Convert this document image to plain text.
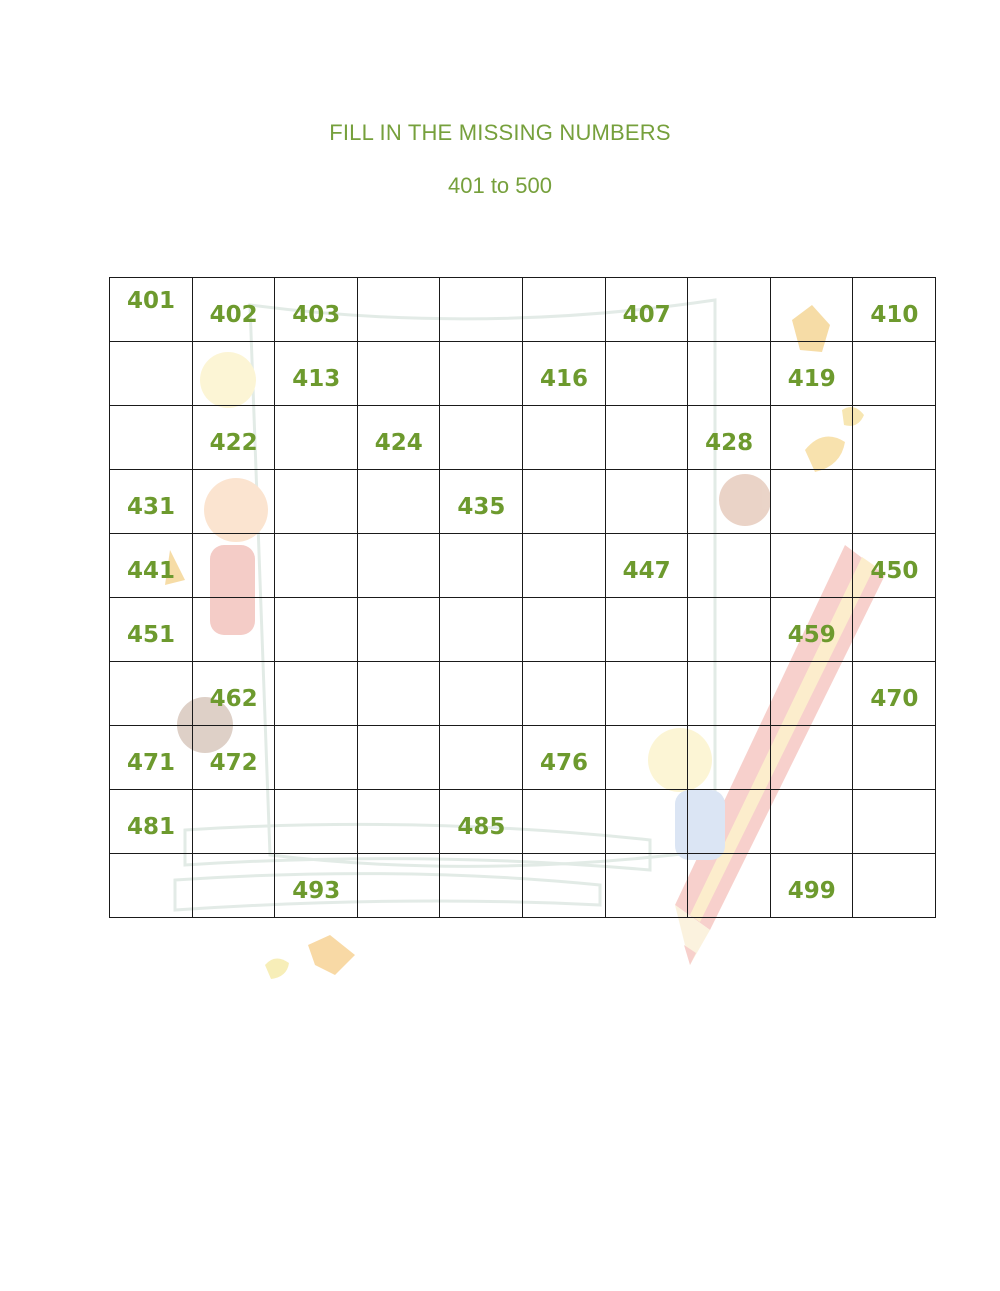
FILL IN THE MISSING NUMBERS
401 to 500
401	402	403				407			410

		413			416			419	

	422		424				428		

431				435					

441						447			450

451								459	

	462								470

471	472				476				

481				485					

		493						499	
